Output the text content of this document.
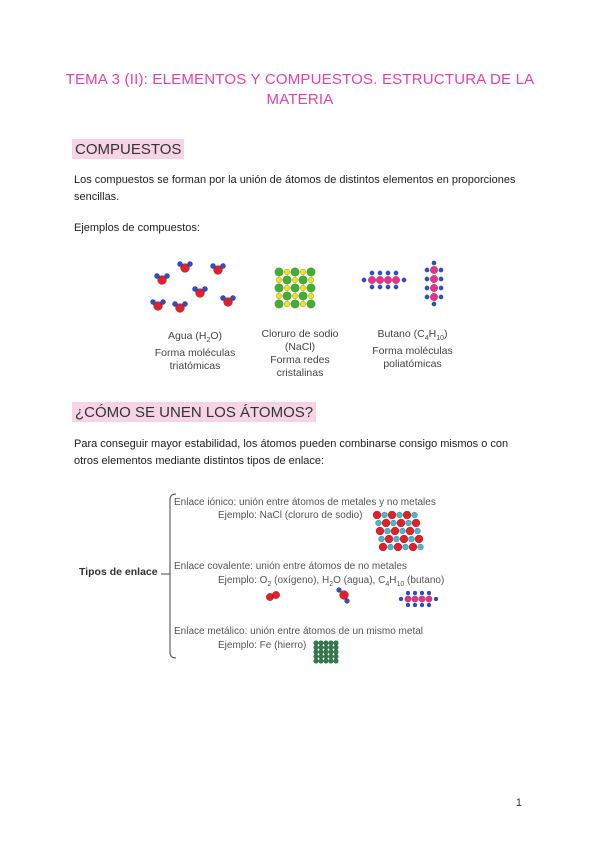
TEMA 3 (II): ELEMENTOS Y COMPUESTOS. ESTRUCTURA DE LA
MATERIA
COMPUESTOS
Los compuestos se forman por la unión de átomos de distintos elementos en proporciones sencillas.
Ejemplos de compuestos:
Agua $(H_2O)$
Forma moléculas
triatómicas
Cloruro de sodio
(NaCl)
Forma redes
cristalinas
Butano $(C_4H_{10})$
Forma moléculas
poliatómicas
¿CÓMO SE UNEN LOS ÁTOMOS?
Para conseguir mayor estabilidad, los átomos pueden combinarse consigo mismos o con otros elementos mediante distintos tipos de enlace:
Tipos de enlace
Enlace iónico: unión entre átomos de metales y no metales
Ejemplo: NaCl (cloruro de sodio)
Enlace covalente: unión entre átomos de no metales
Ejemplo: $O_2$ (oxígeno), $H_2O$ (agua), $C_4H_{10}$ (butano)
Enlace metálico: unión entre átomos de un mismo metal
Ejemplo: Fe (hierro)
1
